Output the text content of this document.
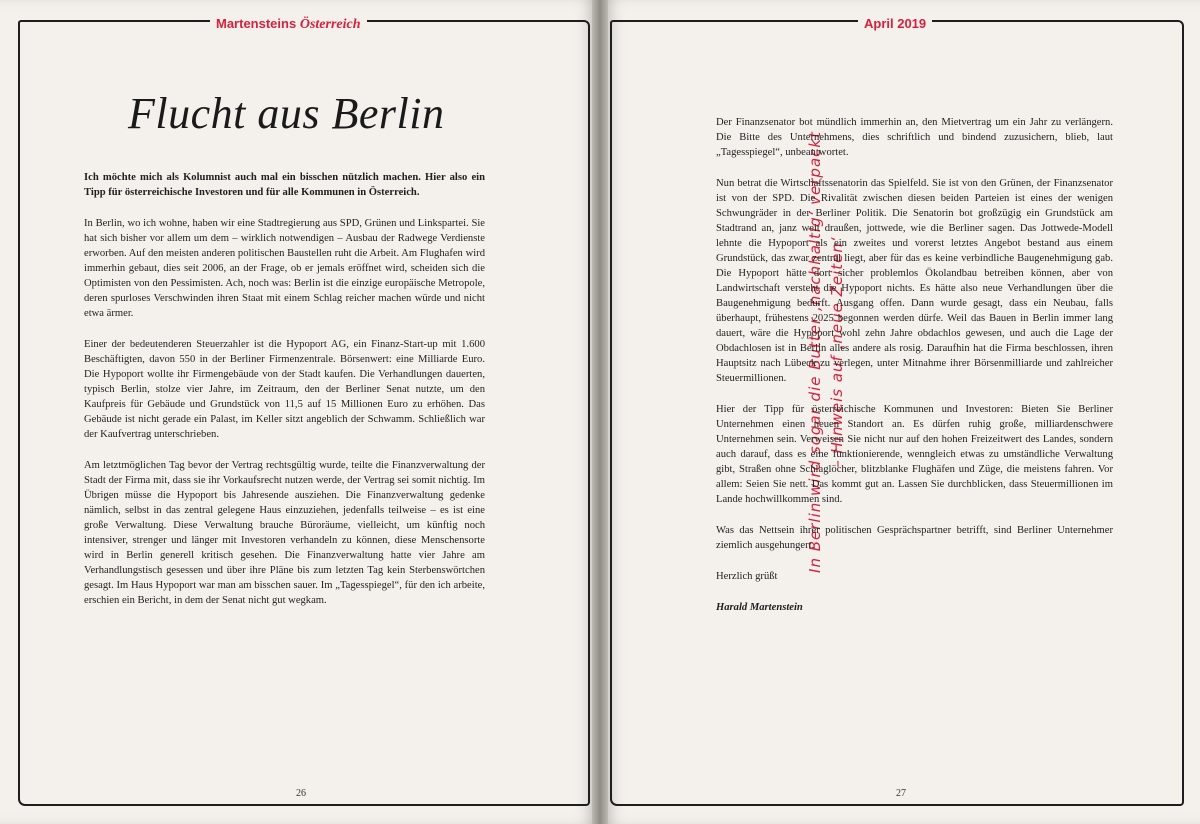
Martensteins Österreich
Flucht aus Berlin

Ich möchte mich als Kolumnist auch mal ein bisschen nützlich machen. Hier also ein Tipp für österreichische Investoren und für alle Kommunen in Österreich.

In Berlin, wo ich wohne, haben wir eine Stadtregierung aus SPD, Grünen und Linkspartei. Sie hat sich bisher vor allem um dem – wirklich notwendigen – Ausbau der Radwege Verdienste erworben. Auf den meisten anderen politischen Baustellen ruht die Arbeit. Am Flughafen wird immerhin gebaut, dies seit 2006, an der Frage, ob er jemals eröffnet wird, scheiden sich die Optimisten von den Pessimisten. Ach, noch was: Berlin ist die einzige europäische Metropole, deren spurloses Verschwinden ihren Staat mit einem Schlag reicher machen würde und nicht etwa ärmer.

Einer der bedeutenderen Steuerzahler ist die Hypoport AG, ein Finanz-Start-up mit 1.600 Beschäftigten, davon 550 in der Berliner Firmenzentrale. Börsenwert: eine Milliarde Euro. Die Hypoport wollte ihr Firmengebäude von der Stadt kaufen. Die Verhandlungen dauerten, typisch Berlin, stolze vier Jahre, im Zeitraum, den der Berliner Senat nutzte, um den Kaufpreis für Gebäude und Grundstück von 11,5 auf 15 Millionen Euro zu erhöhen. Das Gebäude ist nicht gerade ein Palast, im Keller sitzt angeblich der Schwamm. Schließlich war der Kaufvertrag unterschrieben.

Am letztmöglichen Tag bevor der Vertrag rechtsgültig wurde, teilte die Finanzverwaltung der Stadt der Firma mit, dass sie ihr Vorkaufsrecht nutzen werde, der Vertrag sei somit nichtig. Im Übrigen müsse die Hypoport bis Jahresende ausziehen. Die Finanzverwaltung gedenke nämlich, selbst in das zentral gelegene Haus einzuziehen, jedenfalls teilweise – es ist eine große Verwaltung. Diese Verwaltung brauche Büroräume, vielleicht, um künftig noch intensiver, strenger und länger mit Investoren verhandeln zu können, diese Menschensorte wird in Berlin generell kritisch gesehen. Die Finanzverwaltung hatte vier Jahre am Verhandlungstisch gesessen und über ihre Pläne bis zum letzten Tag kein Sterbenswörtchen gesagt. Im Haus Hypoport war man am bisschen sauer. Im „Tagesspiegel“, für den ich arbeite, erschien ein Bericht, in dem der Senat nicht gut wegkam.

26
April 2019
In Berlin wird sogar die Butter ‚nachhaltig‘ verpackt – Hinweis auf ‚neue Zeiten‘

Der Finanzsenator bot mündlich immerhin an, den Mietvertrag um ein Jahr zu verlängern. Die Bitte des Unternehmens, dies schriftlich und bindend zuzusichern, blieb, laut „Tagesspiegel“, unbeantwortet.

Nun betrat die Wirtschaftssenatorin das Spielfeld. Sie ist von den Grünen, der Finanzsenator ist von der SPD. Die Rivalität zwischen diesen beiden Parteien ist eines der wenigen Schwungräder in der Berliner Politik. Die Senatorin bot großzügig ein Grundstück am Stadtrand an, janz weit draußen, jottwede, wie die Berliner sagen. Das Jottwede-Modell lehnte die Hypoport als ein zweites und vorerst letztes Angebot bestand aus einem Grundstück, das zwar zentral liegt, aber für das es keine verbindliche Baugenehmigung gab. Die Hypoport hätte dort sicher problemlos Ökolandbau betreiben können, aber von Landwirtschaft versteht die Hypoport nichts. Es hätte also neue Verhandlungen über die Baugenehmigung bedurft. Ausgang offen. Dann wurde gesagt, dass ein Neubau, falls überhaupt, frühestens 2025 begonnen werden dürfe. Weil das Bauen in Berlin immer lang dauert, wäre die Hypoport wohl zehn Jahre obdachlos gewesen, und auch die Lage der Obdachlosen ist in Berlin alles andere als rosig. Daraufhin hat die Firma beschlossen, ihren Hauptsitz nach Lübeck zu verlegen, unter Mitnahme ihrer Börsenmilliarde und zahlreicher Steuermillionen.

Hier der Tipp für österreichische Kommunen und Investoren: Bieten Sie Berliner Unternehmen einen neuen Standort an. Es dürfen ruhig große, milliardenschwere Unternehmen sein. Verweisen Sie nicht nur auf den hohen Freizeitwert des Landes, sondern auch darauf, dass es eine funktionierende, wenngleich etwas zu umständliche Verwaltung gibt, Straßen ohne Schlaglöcher, blitzblanke Flughäfen und Züge, die meistens fahren. Vor allem: Seien Sie nett. Das kommt gut an. Lassen Sie durchblicken, dass Steuermillionen im Lande hochwillkommen sind.

Was das Nettsein ihrer politischen Gesprächspartner betrifft, sind Berliner Unternehmer ziemlich ausgehungert.

Herzlich grüßt

Harald Martenstein

27
